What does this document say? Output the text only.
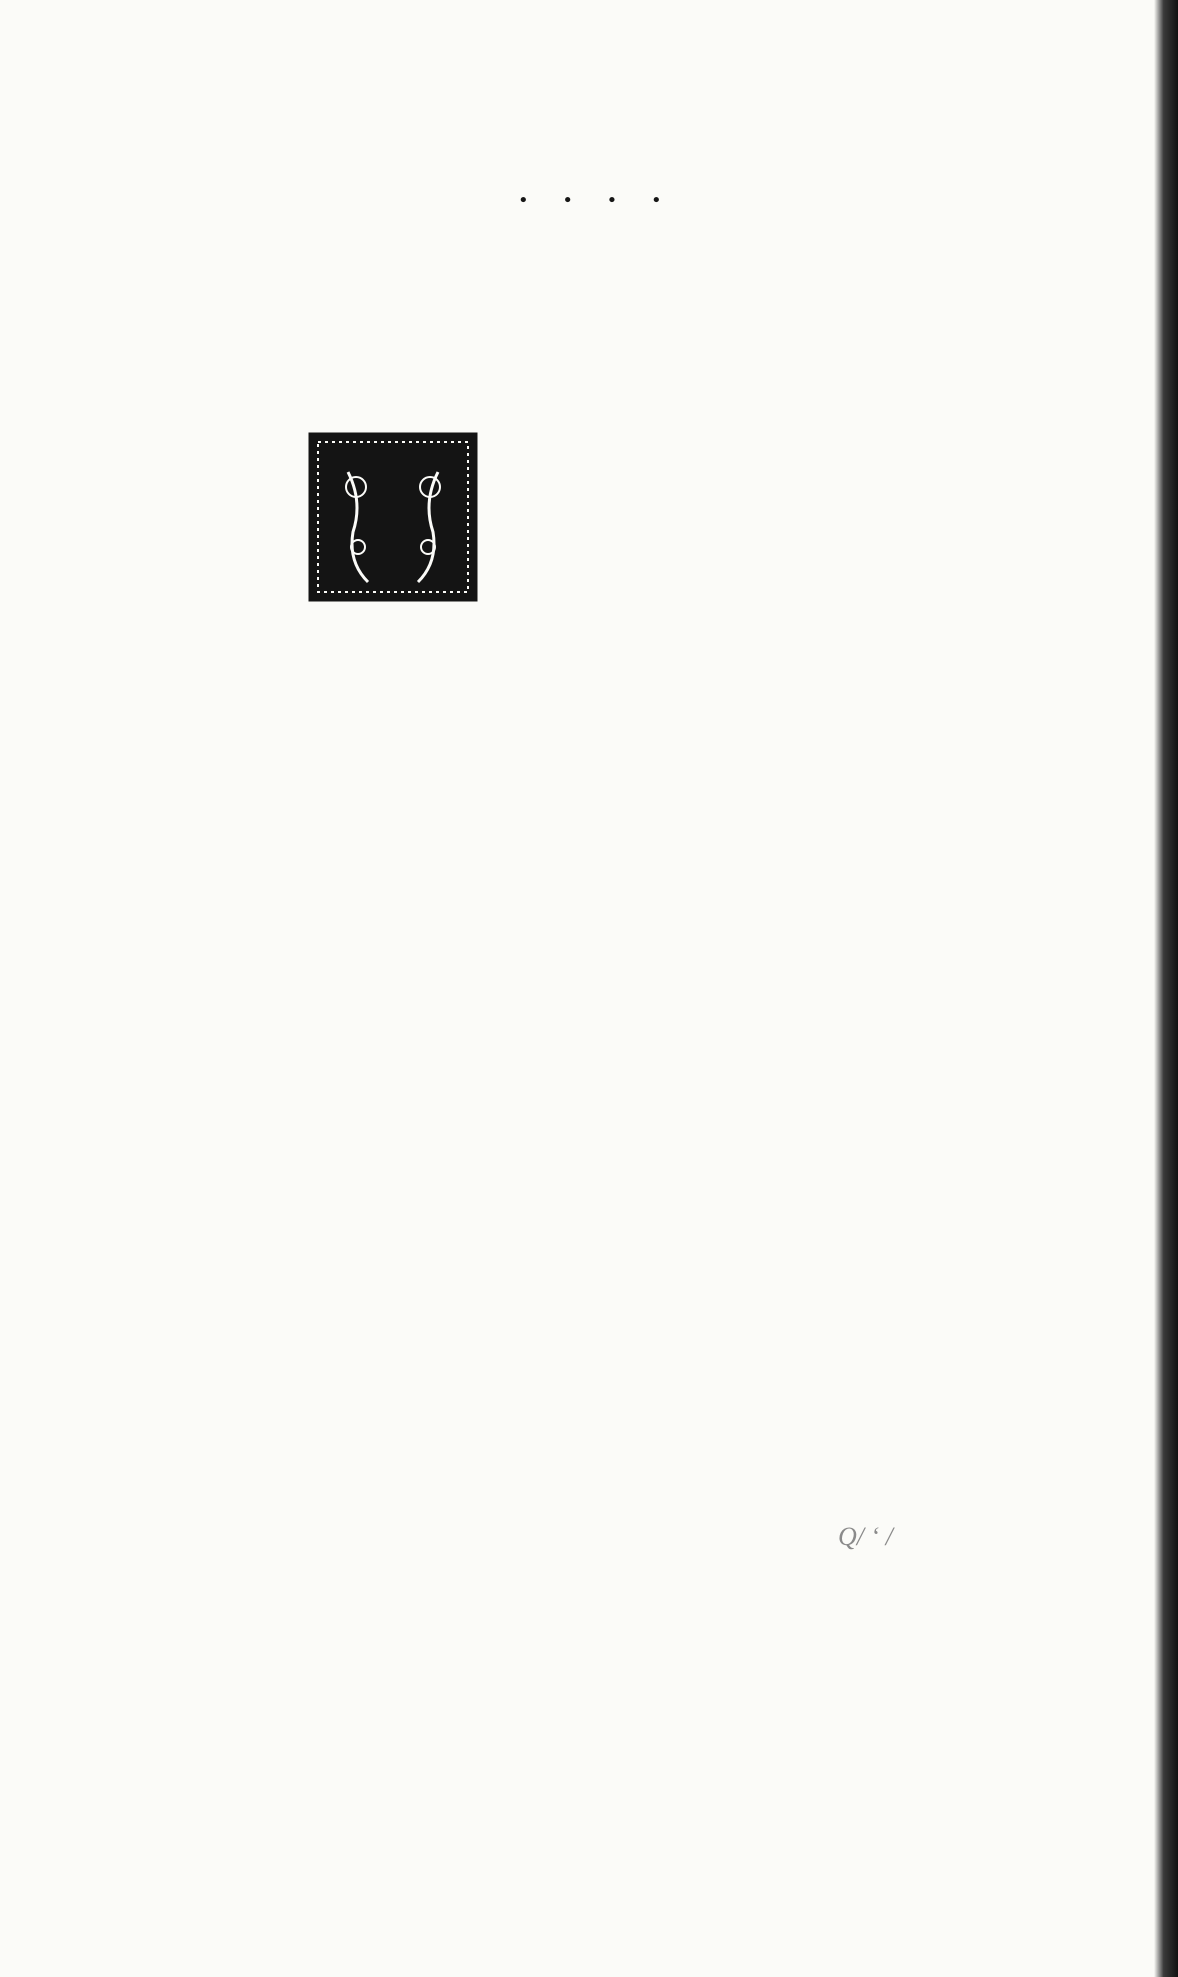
• • • •
Q/ ‘ /
